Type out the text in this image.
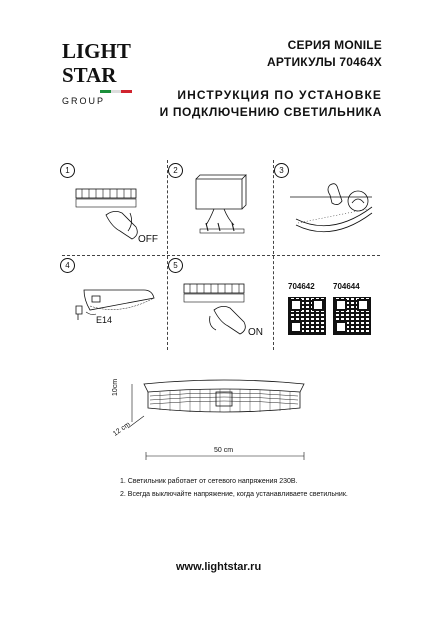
LIGHT
STAR
GROUP
СЕРИЯ MONILE
АРТИКУЛЫ 70464X
ИНСТРУКЦИЯ ПО УСТАНОВКЕ
И ПОДКЛЮЧЕНИЮ СВЕТИЛЬНИКА
1
OFF
2	3
4
E14
5
ON
704642 704644
10cm
12 cm
50 cm
1. Светильник работает от сетевого напряжения 230В.
2. Всегда выключайте напряжение, когда устанавливаете светильник.
www.lightstar.ru
